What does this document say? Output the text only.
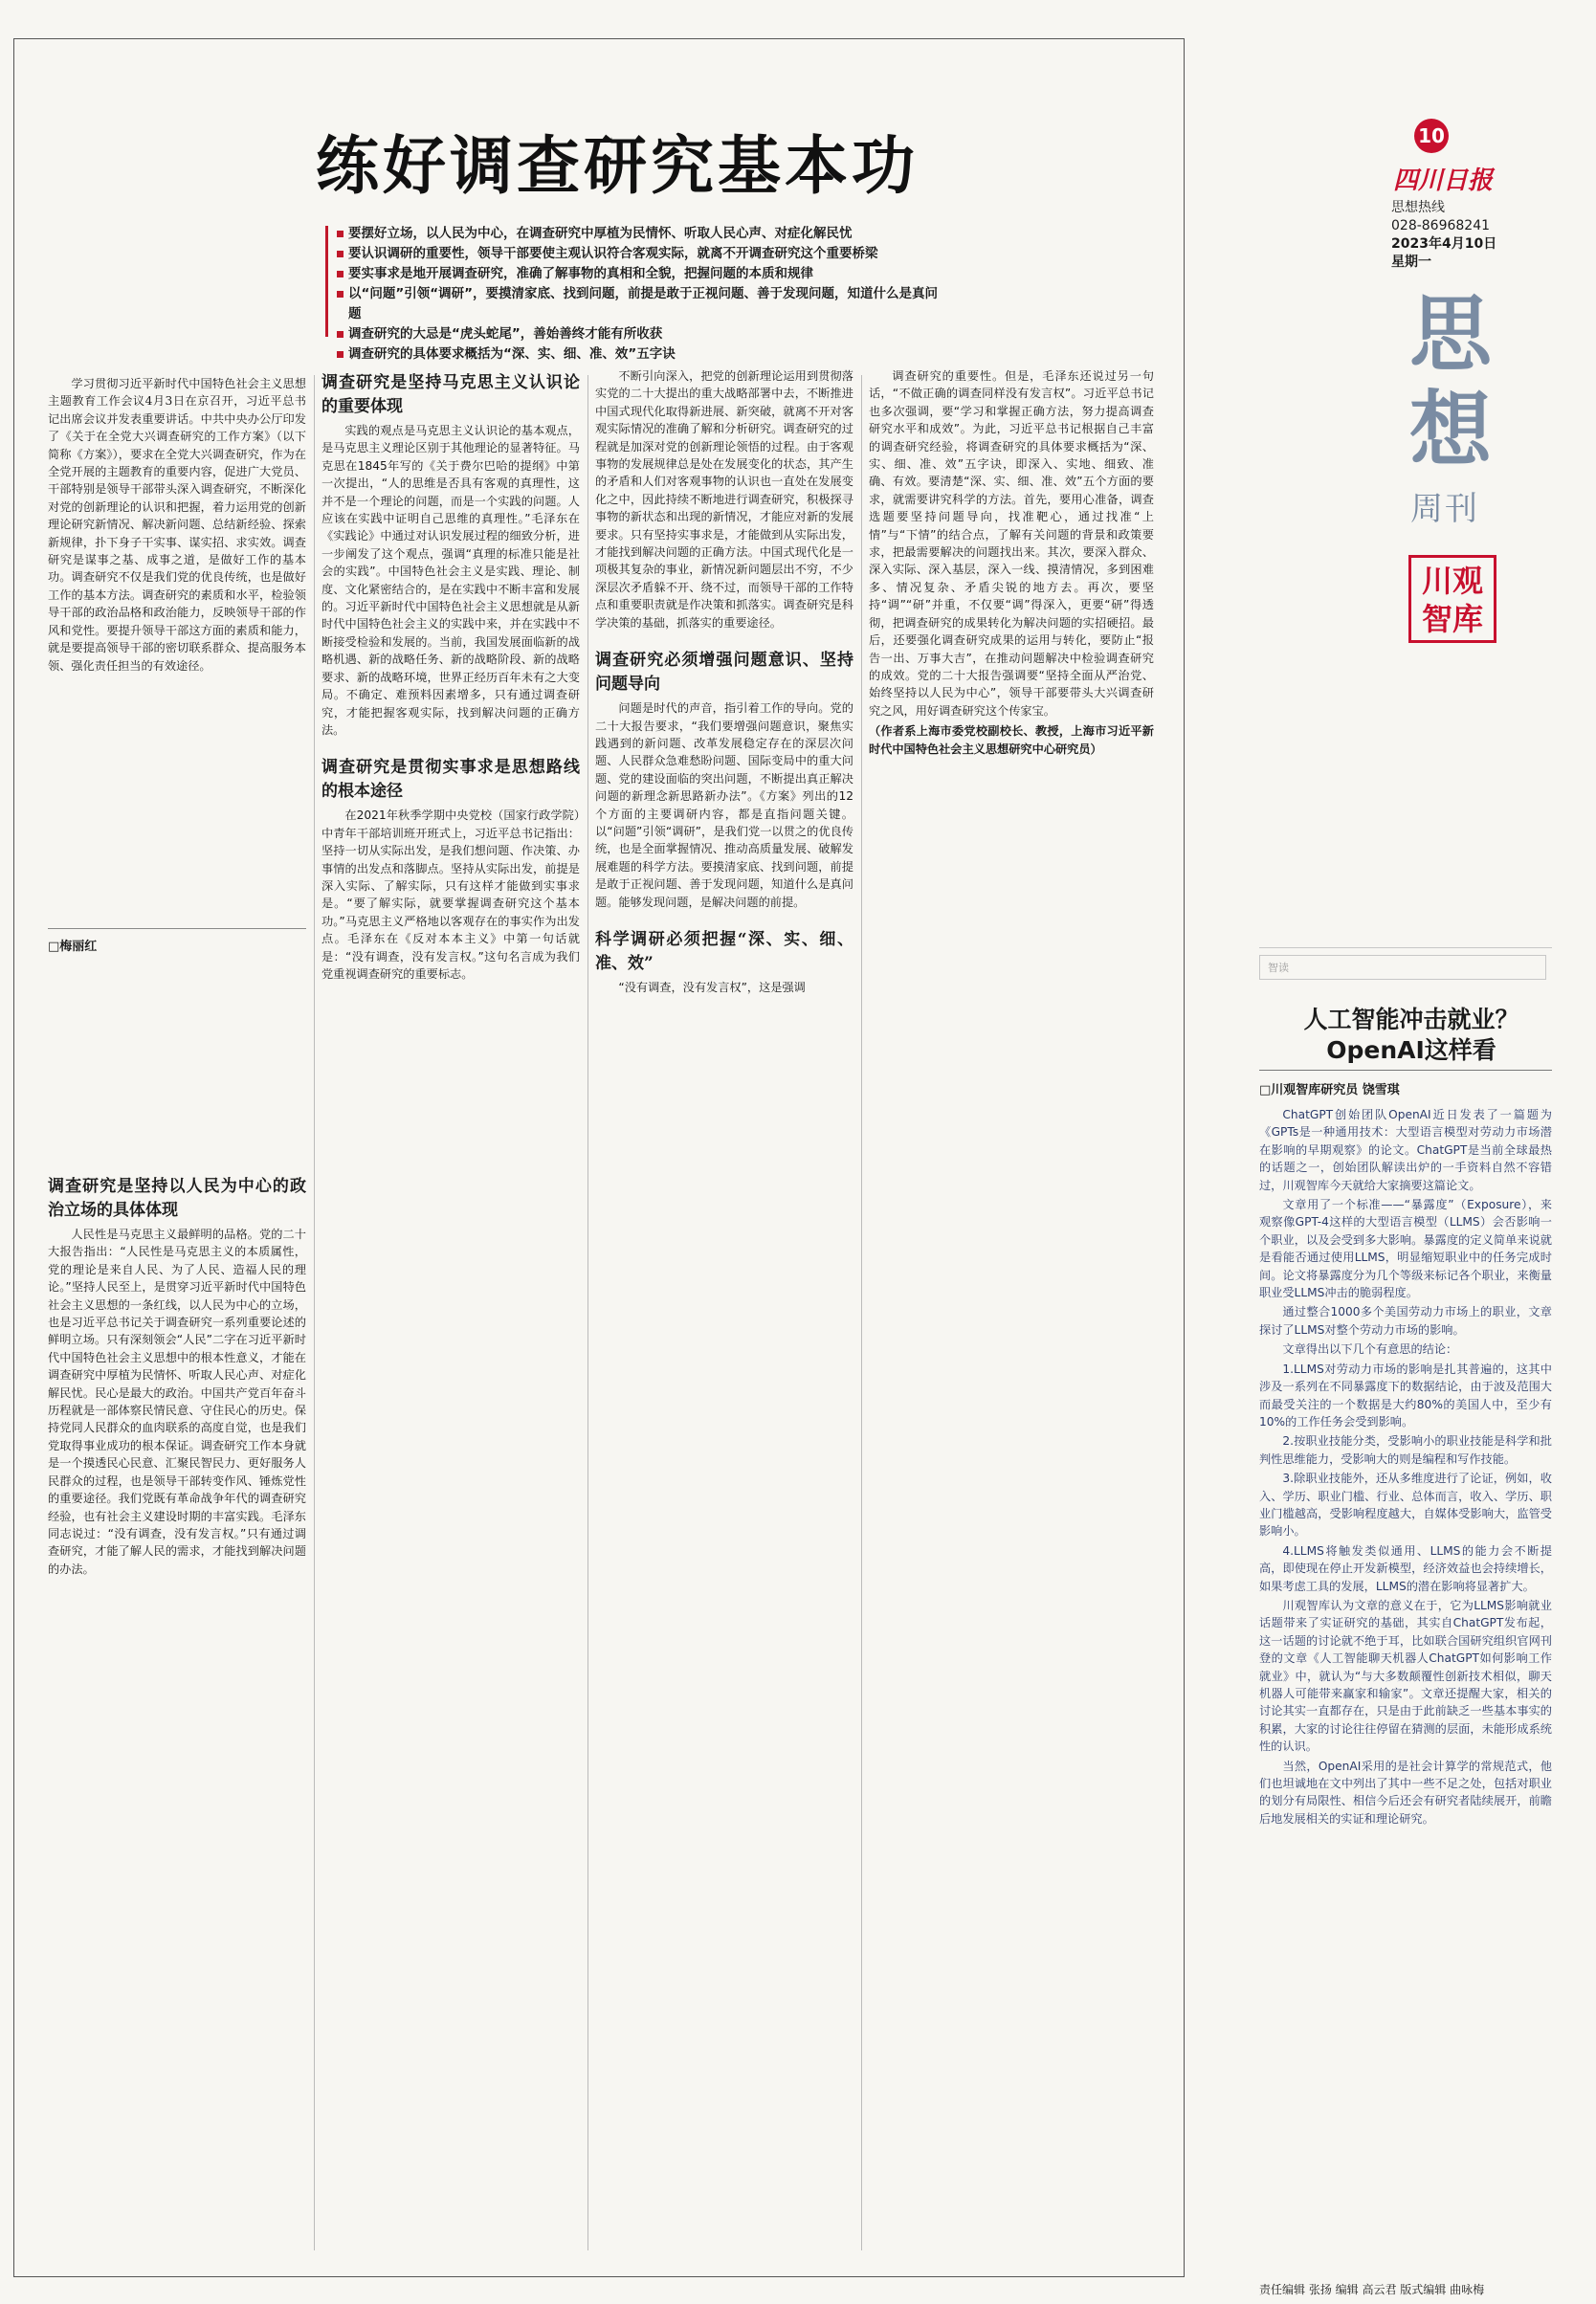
练好调查研究基本功
要摆好立场，以人民为中心，在调查研究中厚植为民情怀、听取人民心声、对症化解民忧
要认识调研的重要性，领导干部要使主观认识符合客观实际，就离不开调查研究这个重要桥梁
要实事求是地开展调查研究，准确了解事物的真相和全貌，把握问题的本质和规律
以“问题”引领“调研”，要摸清家底、找到问题，前提是敢于正视问题、善于发现问题，知道什么是真问题
调查研究的大忌是“虎头蛇尾”，善始善终才能有所收获
调查研究的具体要求概括为“深、实、细、准、效”五字诀

学习贯彻习近平新时代中国特色社会主义思想主题教育工作会议4月3日在京召开，习近平总书记出席会议并发表重要讲话。中共中央办公厅印发了《关于在全党大兴调查研究的工作方案》（以下简称《方案》），要求在全党大兴调查研究，作为在全党开展的主题教育的重要内容，促进广大党员、干部特别是领导干部带头深入调查研究，不断深化对党的创新理论的认识和把握，着力运用党的创新理论研究新情况、解决新问题、总结新经验、探索新规律，扑下身子干实事、谋实招、求实效。调查研究是谋事之基、成事之道，是做好工作的基本功。调查研究不仅是我们党的优良传统，也是做好工作的基本方法。调查研究的素质和水平，检验领导干部的政治品格和政治能力，反映领导干部的作风和党性。要提升领导干部这方面的素质和能力，就是要提高领导干部的密切联系群众、提高服务本领、强化责任担当的有效途径。

□梅丽红

调查研究是坚持以人民为中心的政治立场的具体体现

人民性是马克思主义最鲜明的品格。党的二十大报告指出：“人民性是马克思主义的本质属性，党的理论是来自人民、为了人民、造福人民的理论。”坚持人民至上，是贯穿习近平新时代中国特色社会主义思想的一条红线，以人民为中心的立场，也是习近平总书记关于调查研究一系列重要论述的鲜明立场。只有深刻领会“人民”二字在习近平新时代中国特色社会主义思想中的根本性意义，才能在调查研究中厚植为民情怀、听取人民心声、对症化解民忧。民心是最大的政治。中国共产党百年奋斗历程就是一部体察民情民意、守住民心的历史。保持党同人民群众的血肉联系的高度自觉，也是我们党取得事业成功的根本保证。调查研究工作本身就是一个摸透民心民意、汇聚民智民力、更好服务人民群众的过程，也是领导干部转变作风、锤炼党性的重要途径。我们党既有革命战争年代的调查研究经验，也有社会主义建设时期的丰富实践。毛泽东同志说过：“没有调查，没有发言权。”只有通过调查研究，才能了解人民的需求，才能找到解决问题的办法。

调查研究是坚持马克思主义认识论的重要体现

实践的观点是马克思主义认识论的基本观点，是马克思主义理论区别于其他理论的显著特征。马克思在1845年写的《关于费尔巴哈的提纲》中第一次提出，“人的思维是否具有客观的真理性，这并不是一个理论的问题，而是一个实践的问题。人应该在实践中证明自己思维的真理性。”毛泽东在《实践论》中通过对认识发展过程的细致分析，进一步阐发了这个观点，强调“真理的标准只能是社会的实践”。中国特色社会主义是实践、理论、制度、文化紧密结合的，是在实践中不断丰富和发展的。习近平新时代中国特色社会主义思想就是从新时代中国特色社会主义的实践中来，并在实践中不断接受检验和发展的。当前，我国发展面临新的战略机遇、新的战略任务、新的战略阶段、新的战略要求、新的战略环境，世界正经历百年未有之大变局。不确定、难预料因素增多，只有通过调查研究，才能把握客观实际，找到解决问题的正确方法。

调查研究是贯彻实事求是思想路线的根本途径

在2021年秋季学期中央党校（国家行政学院）中青年干部培训班开班式上，习近平总书记指出：坚持一切从实际出发，是我们想问题、作决策、办事情的出发点和落脚点。坚持从实际出发，前提是深入实际、了解实际，只有这样才能做到实事求是。“要了解实际，就要掌握调查研究这个基本功。”马克思主义严格地以客观存在的事实作为出发点。毛泽东在《反对本本主义》中第一句话就是：“没有调查，没有发言权。”这句名言成为我们党重视调查研究的重要标志。

不断引向深入，把党的创新理论运用到贯彻落实党的二十大提出的重大战略部署中去，不断推进中国式现代化取得新进展、新突破，就离不开对客观实际情况的准确了解和分析研究。调查研究的过程就是加深对党的创新理论领悟的过程。由于客观事物的发展规律总是处在发展变化的状态，其产生的矛盾和人们对客观事物的认识也一直处在发展变化之中，因此持续不断地进行调查研究，积极探寻事物的新状态和出现的新情况，才能应对新的发展要求。只有坚持实事求是，才能做到从实际出发，才能找到解决问题的正确方法。中国式现代化是一项极其复杂的事业，新情况新问题层出不穷，不少深层次矛盾躲不开、绕不过，而领导干部的工作特点和重要职责就是作决策和抓落实。调查研究是科学决策的基础，抓落实的重要途径。

调查研究必须增强问题意识、坚持问题导向

问题是时代的声音，指引着工作的导向。党的二十大报告要求，“我们要增强问题意识，聚焦实践遇到的新问题、改革发展稳定存在的深层次问题、人民群众急难愁盼问题、国际变局中的重大问题、党的建设面临的突出问题，不断提出真正解决问题的新理念新思路新办法”。《方案》列出的12个方面的主要调研内容，都是直指问题关键。以“问题”引领“调研”，是我们党一以贯之的优良传统，也是全面掌握情况、推动高质量发展、破解发展难题的科学方法。要摸清家底、找到问题，前提是敢于正视问题、善于发现问题，知道什么是真问题。能够发现问题，是解决问题的前提。

科学调研必须把握“深、实、细、准、效”

“没有调查，没有发言权”，这是强调

调查研究的重要性。但是，毛泽东还说过另一句话，“不做正确的调查同样没有发言权”。习近平总书记也多次强调，要“学习和掌握正确方法，努力提高调查研究水平和成效”。为此，习近平总书记根据自己丰富的调查研究经验，将调查研究的具体要求概括为“深、实、细、准、效”五字诀，即深入、实地、细致、准确、有效。要清楚“深、实、细、准、效”五个方面的要求，就需要讲究科学的方法。首先，要用心准备，调查选题要坚持问题导向，找准靶心，通过找准“上情”与“下情”的结合点，了解有关问题的背景和政策要求，把最需要解决的问题找出来。其次，要深入群众、深入实际、深入基层，深入一线、摸清情况，多到困难多、情况复杂、矛盾尖锐的地方去。再次，要坚持“调”“研”并重，不仅要“调”得深入，更要“研”得透彻，把调查研究的成果转化为解决问题的实招硬招。最后，还要强化调查研究成果的运用与转化，要防止“报告一出、万事大吉”，在推动问题解决中检验调查研究的成效。党的二十大报告强调要“坚持全面从严治党、始终坚持以人民为中心”，领导干部要带头大兴调查研究之风，用好调查研究这个传家宝。

（作者系上海市委党校副校长、教授，上海市习近平新时代中国特色社会主义思想研究中心研究员）

10
四川日报
思想热线
028-86968241
2023年4月10日
星期一
思想
周刊
川观智库
智读
人工智能冲击就业？OpenAI这样看
□川观智库研究员 饶雪琪

ChatGPT创始团队OpenAI近日发表了一篇题为《GPTs是一种通用技术：大型语言模型对劳动力市场潜在影响的早期观察》的论文。ChatGPT是当前全球最热的话题之一，创始团队解读出炉的一手资料自然不容错过，川观智库今天就给大家摘要这篇论文。

文章用了一个标准——“暴露度”（Exposure），来观察像GPT-4这样的大型语言模型（LLMS）会否影响一个职业，以及会受到多大影响。暴露度的定义简单来说就是看能否通过使用LLMS，明显缩短职业中的任务完成时间。论文将暴露度分为几个等级来标记各个职业，来衡量职业受LLMS冲击的脆弱程度。

通过整合1000多个美国劳动力市场上的职业，文章探讨了LLMS对整个劳动力市场的影响。

文章得出以下几个有意思的结论：

1.LLMS对劳动力市场的影响是扎其普遍的，这其中涉及一系列在不同暴露度下的数据结论，由于波及范围大而最受关注的一个数据是大约80%的美国人中，至少有10%的工作任务会受到影响。

2.按职业技能分类，受影响小的职业技能是科学和批判性思维能力，受影响大的则是编程和写作技能。

3.除职业技能外，还从多维度进行了论证，例如，收入、学历、职业门槛、行业、总体而言，收入、学历、职业门槛越高，受影响程度越大，自媒体受影响大，监管受影响小。

4.LLMS将触发类似通用、LLMS的能力会不断提高，即使现在停止开发新模型，经济效益也会持续增长，如果考虑工具的发展，LLMS的潜在影响将显著扩大。

川观智库认为文章的意义在于，它为LLMS影响就业话题带来了实证研究的基础，其实自ChatGPT发布起，这一话题的讨论就不绝于耳，比如联合国研究组织官网刊登的文章《人工智能聊天机器人ChatGPT如何影响工作就业》中，就认为“与大多数颠覆性创新技术相似，聊天机器人可能带来赢家和输家”。文章还提醒大家，相关的讨论其实一直都存在，只是由于此前缺乏一些基本事实的积累，大家的讨论往往停留在猜测的层面，未能形成系统性的认识。

当然，OpenAI采用的是社会计算学的常规范式，他们也坦诚地在文中列出了其中一些不足之处，包括对职业的划分有局限性、相信今后还会有研究者陆续展开，前瞻后地发展相关的实证和理论研究。

责任编辑 张扬 编辑 高云君 版式编辑 曲咏梅
